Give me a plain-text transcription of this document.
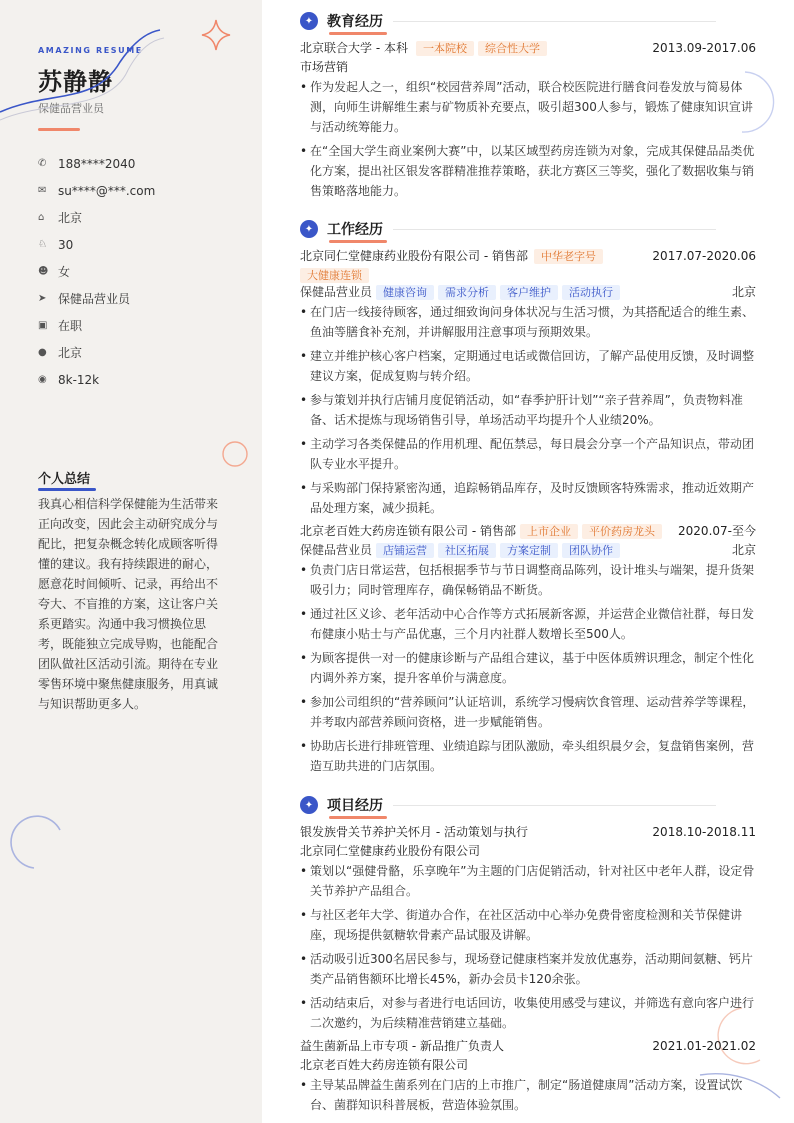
AMAZING RESUME
苏静静
保健品营业员
✆ 188****2040
✉ su****@***.com
⌂	北京
♘ 30
☻ 女
➤ 保健品营业员
▣ 在职
● 北京
◉ 8k-12k
个人总结

我真心相信科学保健能为生活带来正向改变，因此会主动研究成分与配比，把复杂概念转化成顾客听得懂的建议。我有持续跟进的耐心，愿意花时间倾听、记录，再给出不夸大、不盲推的方案，这让客户关系更踏实。沟通中我习惯换位思考，既能独立完成导购，也能配合团队做社区活动引流。期待在专业零售环境中聚焦健康服务，用真诚与知识帮助更多人。

✦ 教育经历
北京联合大学 - 本科	一本院校	综合性大学	2013.09-2017.06
市场营销
• 作为发起人之一，组织“校园营养周”活动，联合校医院进行膳食问卷发放与简易体测，向师生讲解维生素与矿物质补充要点，吸引超300人参与，锻炼了健康知识宣讲与活动统筹能力。
• 在“全国大学生商业案例大赛”中，以某区域型药房连锁为对象，完成其保健品品类优化方案，提出社区银发客群精准推荐策略，获北方赛区三等奖，强化了数据收集与销售策略落地能力。
✦ 工作经历
北京同仁堂健康药业股份有限公司 - 销售部	中华老字号
大健康连锁
2017.07-2020.06
保健品营业员	健康咨询	需求分析	客户维护	活动执行	北京
• 在门店一线接待顾客，通过细致询问身体状况与生活习惯，为其搭配适合的维生素、鱼油等膳食补充剂，并讲解服用注意事项与预期效果。
• 建立并维护核心客户档案，定期通过电话或微信回访，了解产品使用反馈，及时调整建议方案，促成复购与转介绍。
• 参与策划并执行店铺月度促销活动，如“春季护肝计划”“亲子营养周”，负责物料准备、话术提炼与现场销售引导，单场活动平均提升个人业绩20%。
• 主动学习各类保健品的作用机理、配伍禁忌，每日晨会分享一个产品知识点，带动团队专业水平提升。
• 与采购部门保持紧密沟通，追踪畅销品库存，及时反馈顾客特殊需求，推动近效期产品处理方案，减少损耗。
北京老百姓大药房连锁有限公司 - 销售部	上市企业	平价药房龙头	2020.07-至今
保健品营业员	店铺运营	社区拓展	方案定制	团队协作	北京
• 负责门店日常运营，包括根据季节与节日调整商品陈列，设计堆头与端架，提升货架吸引力；同时管理库存，确保畅销品不断货。
• 通过社区义诊、老年活动中心合作等方式拓展新客源，并运营企业微信社群，每日发布健康小贴士与产品优惠，三个月内社群人数增长至500人。
• 为顾客提供一对一的健康诊断与产品组合建议，基于中医体质辨识理念，制定个性化内调外养方案，提升客单价与满意度。
• 参加公司组织的“营养顾问”认证培训，系统学习慢病饮食管理、运动营养学等课程，并考取内部营养顾问资格，进一步赋能销售。
• 协助店长进行排班管理、业绩追踪与团队激励，牵头组织晨夕会，复盘销售案例，营造互助共进的门店氛围。
✦ 项目经历
银发族骨关节养护关怀月 - 活动策划与执行	2018.10-2018.11
北京同仁堂健康药业股份有限公司
• 策划以“强健骨骼，乐享晚年”为主题的门店促销活动，针对社区中老年人群，设定骨关节养护产品组合。
• 与社区老年大学、街道办合作，在社区活动中心举办免费骨密度检测和关节保健讲座，现场提供氨糖软骨素产品试服及讲解。
• 活动吸引近300名居民参与，现场登记健康档案并发放优惠券，活动期间氨糖、钙片类产品销售额环比增长45%，新办会员卡120余张。
• 活动结束后，对参与者进行电话回访，收集使用感受与建议，并筛选有意向客户进行二次邀约，为后续精准营销建立基础。
益生菌新品上市专项 - 新品推广负责人	2021.01-2021.02
北京老百姓大药房连锁有限公司
• 主导某品牌益生菌系列在门店的上市推广，制定“肠道健康周”活动方案，设置试饮台、菌群知识科普展板，营造体验氛围。
